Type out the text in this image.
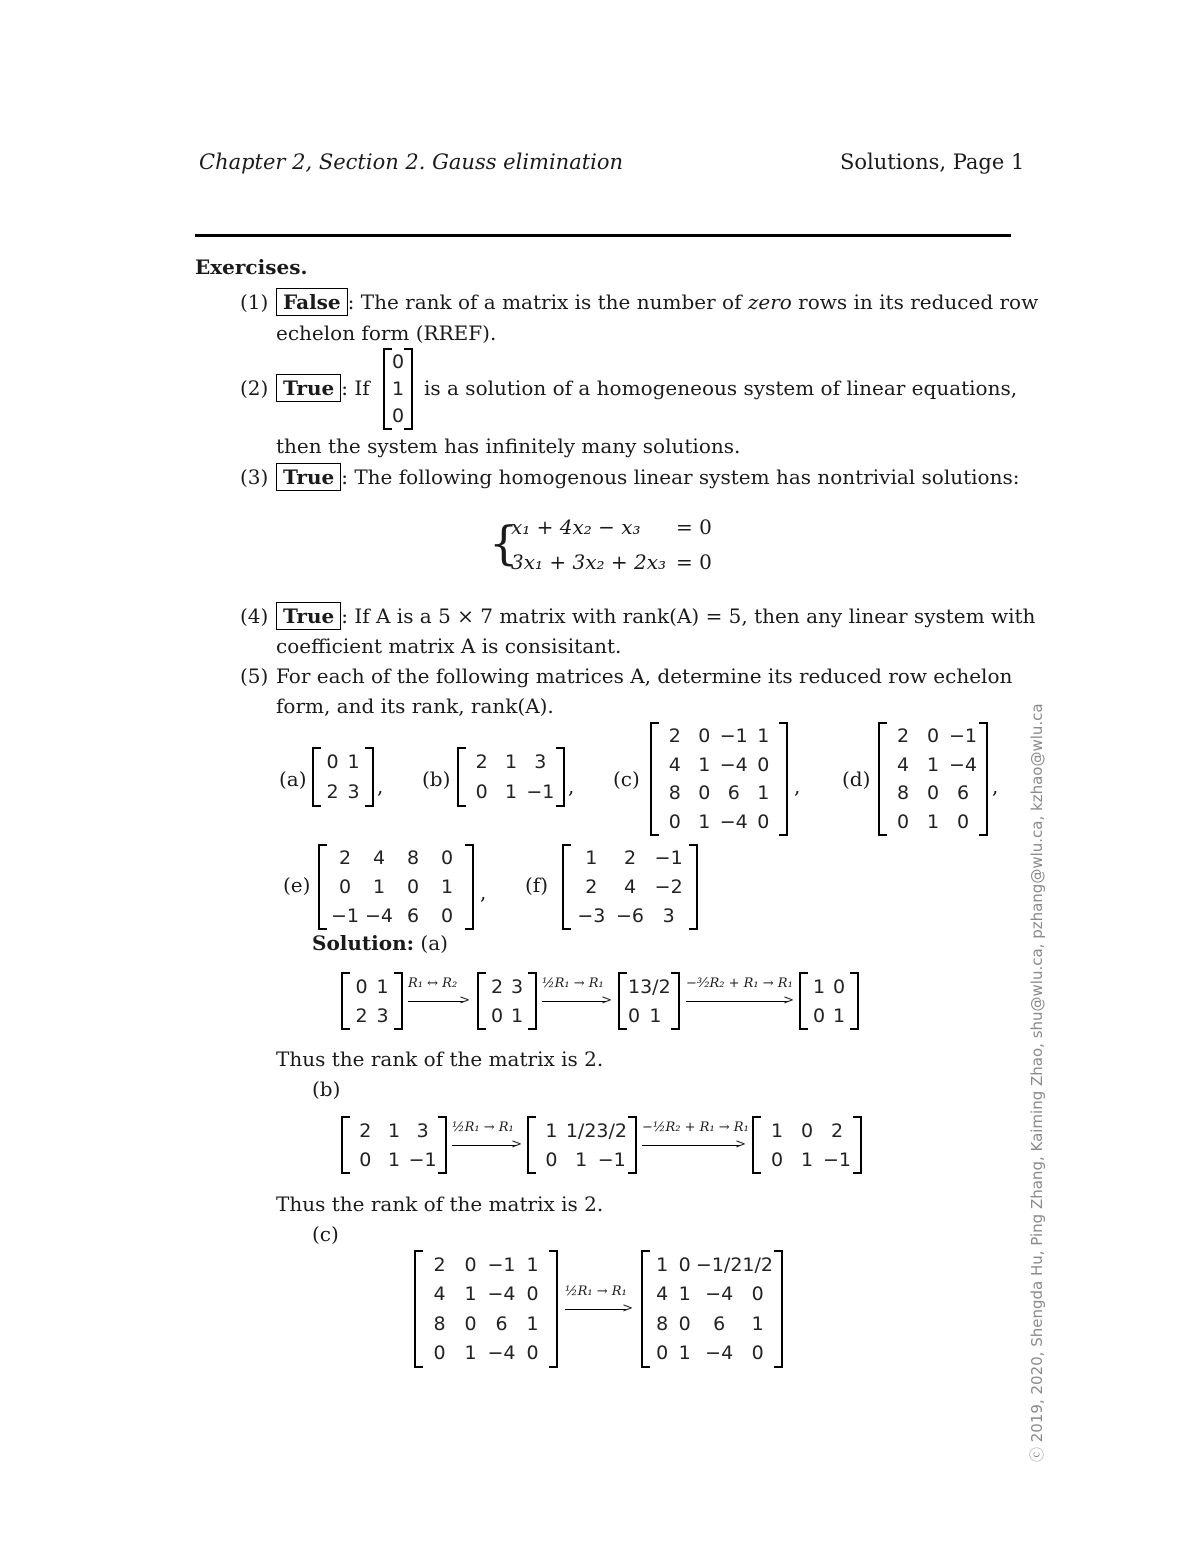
Chapter 2, Section 2. Gauss elimination	Solutions, Page 1
Exercises.
(1) False : The rank of a matrix is the number of zero rows in its reduced row
echelon form (RREF).
(2) True : If
0
1
0
is a solution of a homogeneous system of linear equations,
then the system has infinitely many solutions.
(3) True : The following homogenous linear system has nontrivial solutions:
{
x₁ + 4x₂ − x₃ = 0
3x₁ + 3x₂ + 2x₃ = 0
(4) True : If A is a 5 × 7 matrix with rank(A) = 5, then any linear system with
coefficient matrix A is consisitant.
(5) For each of the following matrices A, determine its reduced row echelon
form, and its rank, rank(A).
(a)
0 1
2 3 , (b)
2 1 3
0 1 −1 , (c)
2 0 −1 1
4 1 −4 0
8 0 6 1
0 1 −4 0
, (d)
2 0 −1
4 1 −4
8 0 6
0 1 0
,
(e)
2	4	8	0
0	1	0	1
−1 −4 6	0
, (f)
1	2 −1
2	4 −2
−3 −6 3
Solution: (a)
0 1
2 3
R₁ ↔ R₂
>
2 3
0 1
½R₁ → R₁
>
1 3/2
0 1
−³⁄₂R₂ + R₁ → R₁
>
1 0
0 1
Thus the rank of the matrix is 2.
(b)
2 1 3
0 1 −1
½R₁ → R₁
>
1 1/2 3/2
0 1 −1
−½R₂ + R₁ → R₁
>
1 0 2
0 1 −1
Thus the rank of the matrix is 2.
(c)
2 0 −1 1
4 1 −4 0
8 0 6 1
0 1 −4 0
½R₁ → R₁
>
1 0 −1/2 1/2
4 1 −4 0
8 0	6	1
0 1 −4 0	ⓒ 2019, 2020, Shengda Hu, Ping Zhang, Kaiming Zhao, shu@wlu.ca, pzhang@wlu.ca, kzhao@wlu.ca
